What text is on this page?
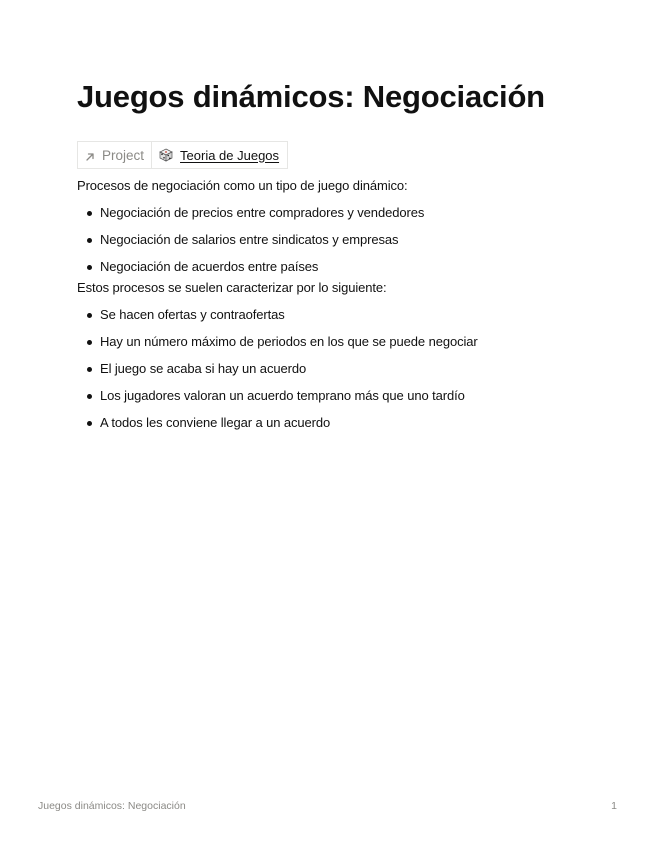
Juegos dinámicos: Negociación
Project	Teoria de Juegos

Procesos de negociación como un tipo de juego dinámico:

Negociación de precios entre compradores y vendedores
Negociación de salarios entre sindicatos y empresas
Negociación de acuerdos entre países

Estos procesos se suelen caracterizar por lo siguiente:

Se hacen ofertas y contraofertas
Hay un número máximo de periodos en los que se puede negociar
El juego se acaba si hay un acuerdo
Los jugadores valoran un acuerdo temprano más que uno tardío
A todos les conviene llegar a un acuerdo
Juegos dinámicos: Negociación	1
